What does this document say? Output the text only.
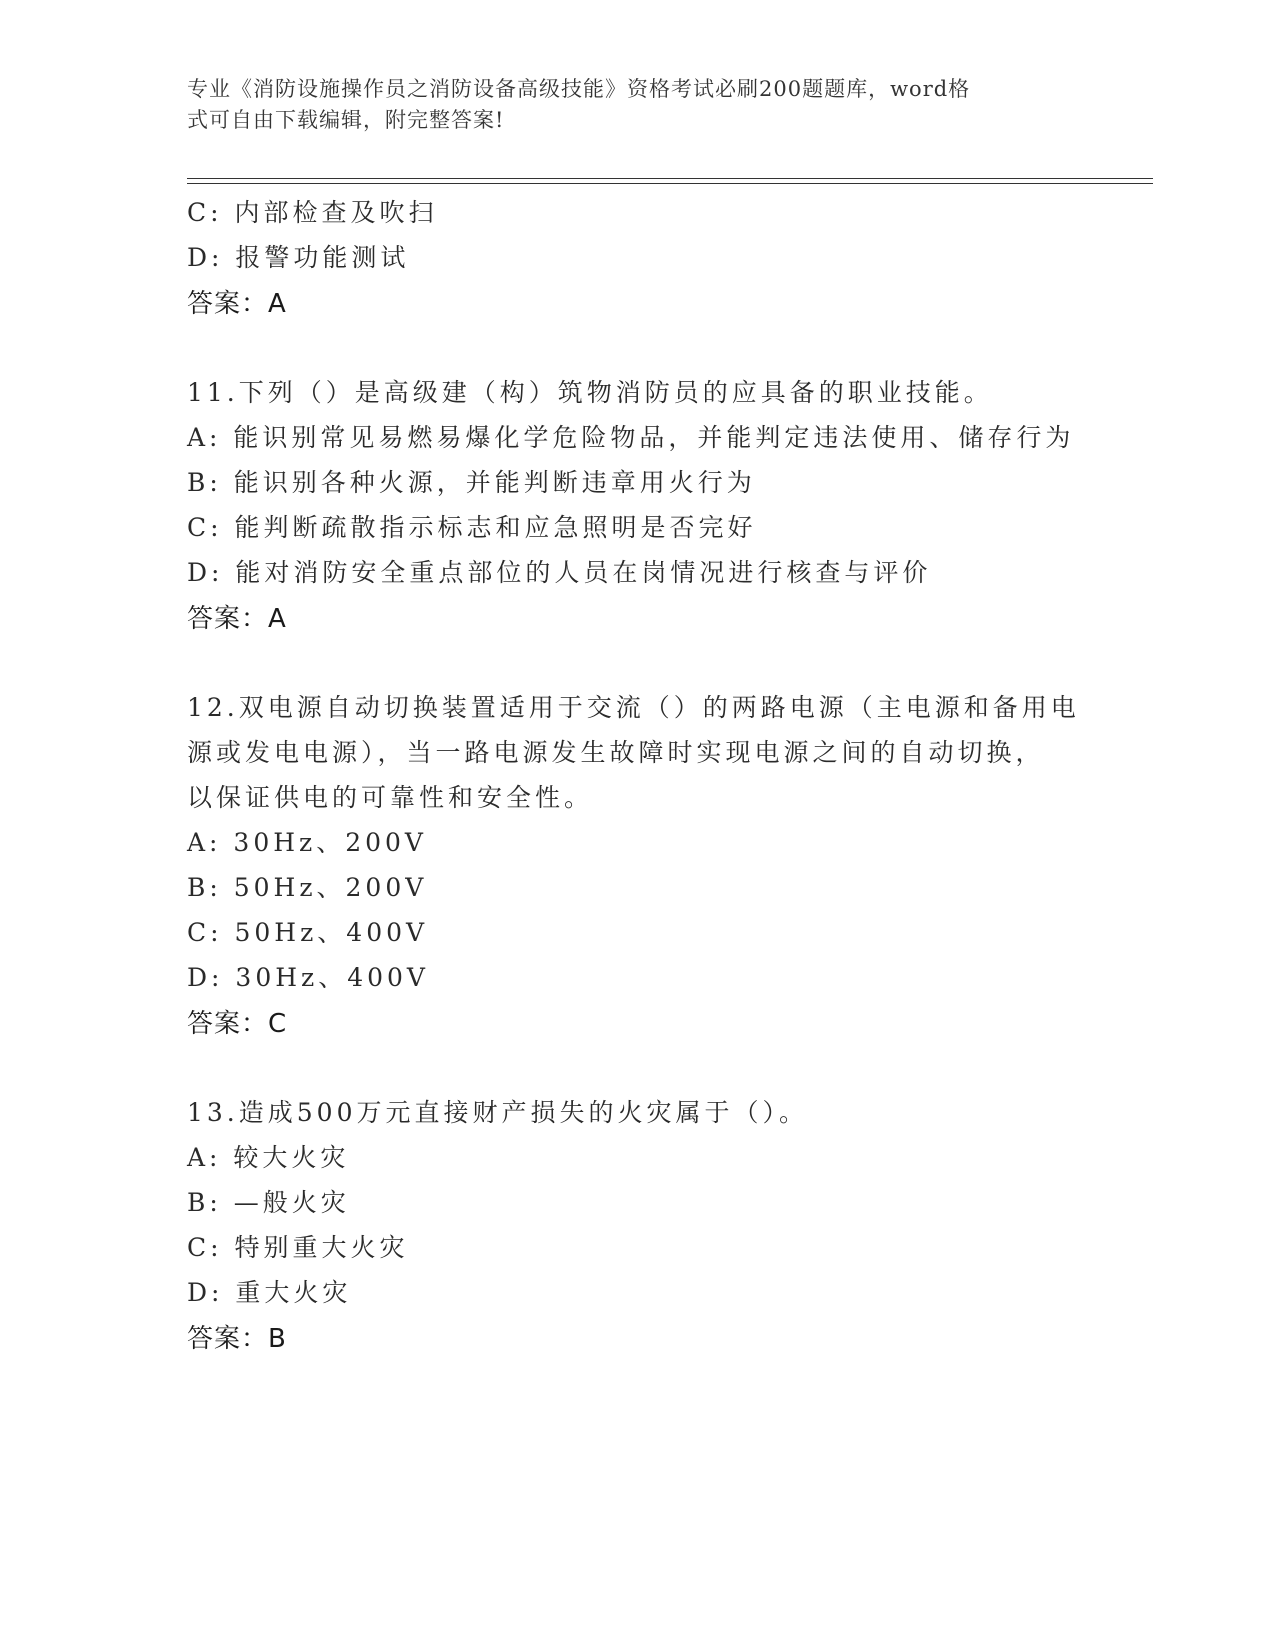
专业《消防设施操作员之消防设备高级技能》资格考试必刷200题题库，word格
式可自由下载编辑，附完整答案!
C: 内部检查及吹扫
D: 报警功能测试
答案：A
11.下列（）是高级建（构）筑物消防员的应具备的职业技能。
A: 能识别常见易燃易爆化学危险物品，并能判定违法使用、储存行为
B: 能识别各种火源，并能判断违章用火行为
C: 能判断疏散指示标志和应急照明是否完好
D: 能对消防安全重点部位的人员在岗情况进行核查与评价
答案：A
12.双电源自动切换装置适用于交流（）的两路电源（主电源和备用电
源或发电电源），当一路电源发生故障时实现电源之间的自动切换，
以保证供电的可靠性和安全性。
A: 30Hz、200V
B: 50Hz、200V
C: 50Hz、400V
D: 30Hz、400V
答案：C
13.造成500万元直接财产损失的火灾属于（）。
A: 较大火灾
B: —般火灾
C: 特别重大火灾
D: 重大火灾
答案：B
